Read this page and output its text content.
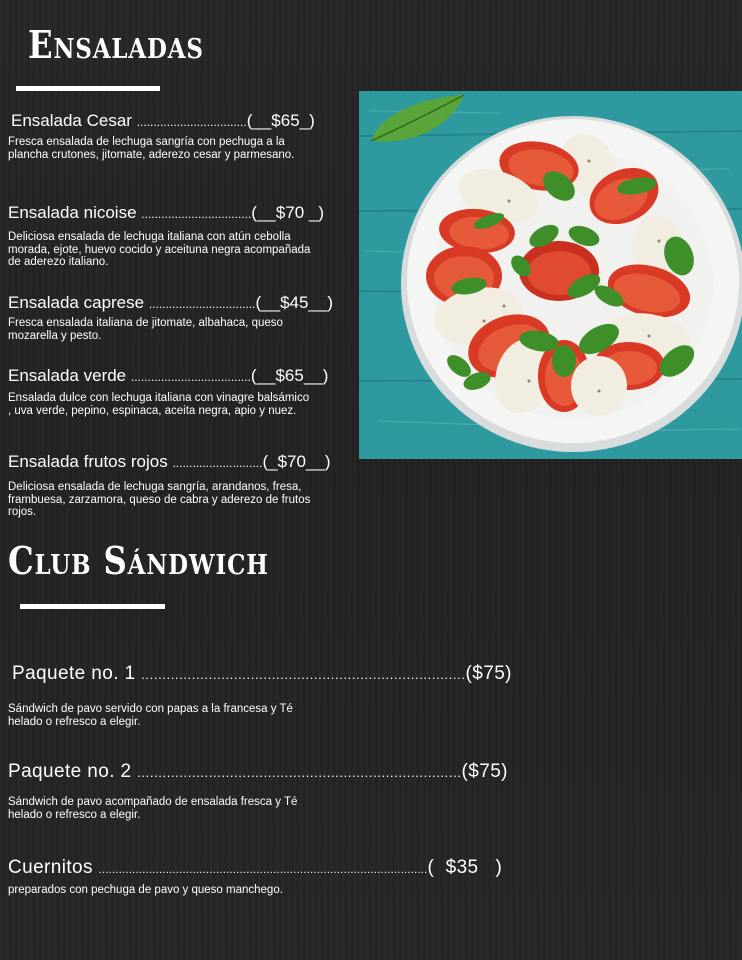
Ensaladas
Ensalada Cesar .................................(__$65_)

Fresca ensalada de lechuga sangría con pechuga a la plancha crutones, jitomate, aderezo cesar y parmesano.

Ensalada nicoise .................................(__$70 _)

Deliciosa ensalada de lechuga italiana con atún cebolla morada, ejote, huevo cocido y aceituna negra acompañada de aderezo italiano.

Ensalada caprese ................................(__$45__)

Fresca ensalada italiana de jitomate, albahaca, queso mozarella y pesto.

Ensalada verde ....................................(__$65__)

Ensalada dulce con lechuga italiana con vinagre balsámico , uva verde, pepino, espinaca, aceita negra, apio y nuez.

Ensalada frutos rojos ...........................(_$70__)

Deliciosa ensalada de lechuga sangría, arandanos, fresa, frambuesa, zarzamora, queso de cabra y aderezo de frutos rojos.

Club Sándwich
Paquete no. 1 .............................................................................($75)

Sándwich de pavo servido con papas a la francesa y Té helado o refresco a elegir.

Paquete no. 2 .............................................................................($75)

Sándwich de pavo acompañado de ensalada fresca y Té helado o refresco a elegir.

Cuernitos ..................................................................................................(  $35   )

preparados con pechuga de pavo y queso manchego.
